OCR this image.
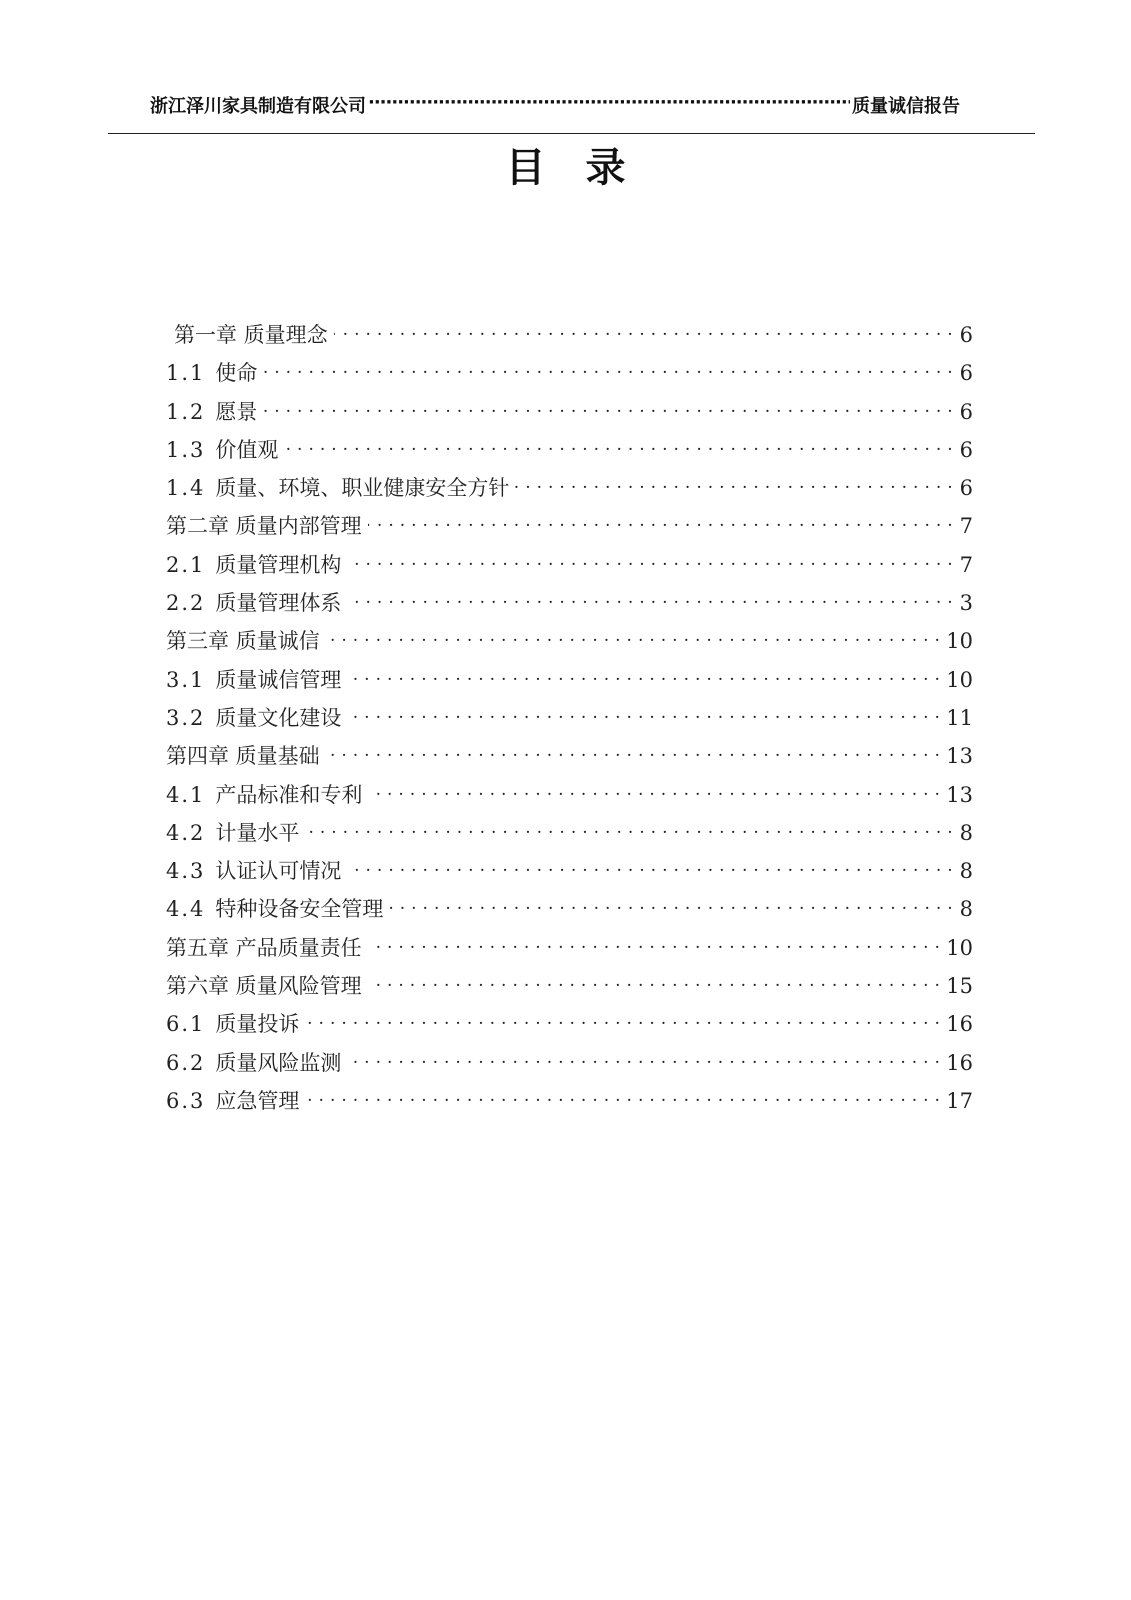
浙江泽川家具制造有限公司 ·····	质量诚信报告
目录
第一章 质量理念 . . .	6
1.1 使命 . . .	6
1.2 愿景 . . .	6
1.3 价值观 . . .	6
1.4 质量、环境、职业健康安全方针 . . .	6
第二章 质量内部管理 . . .	7
2.1 质量管理机构 . . .	7
2.2 质量管理体系 . . .	3
第三章 质量诚信 . . .	10
3.1 质量诚信管理 . . .	10
3.2 质量文化建设 . . .	11
第四章 质量基础 . . .	13
4.1 产品标准和专利 . . .	13
4.2 计量水平 . . .	8
4.3 认证认可情况 . . .	8
4.4 特种设备安全管理 . . .	8
第五章 产品质量责任 . . .	10
第六章 质量风险管理 . . .	15
6.1 质量投诉 . . .	16
6.2 质量风险监测 . . .	16
6.3 应急管理 . . .	17
